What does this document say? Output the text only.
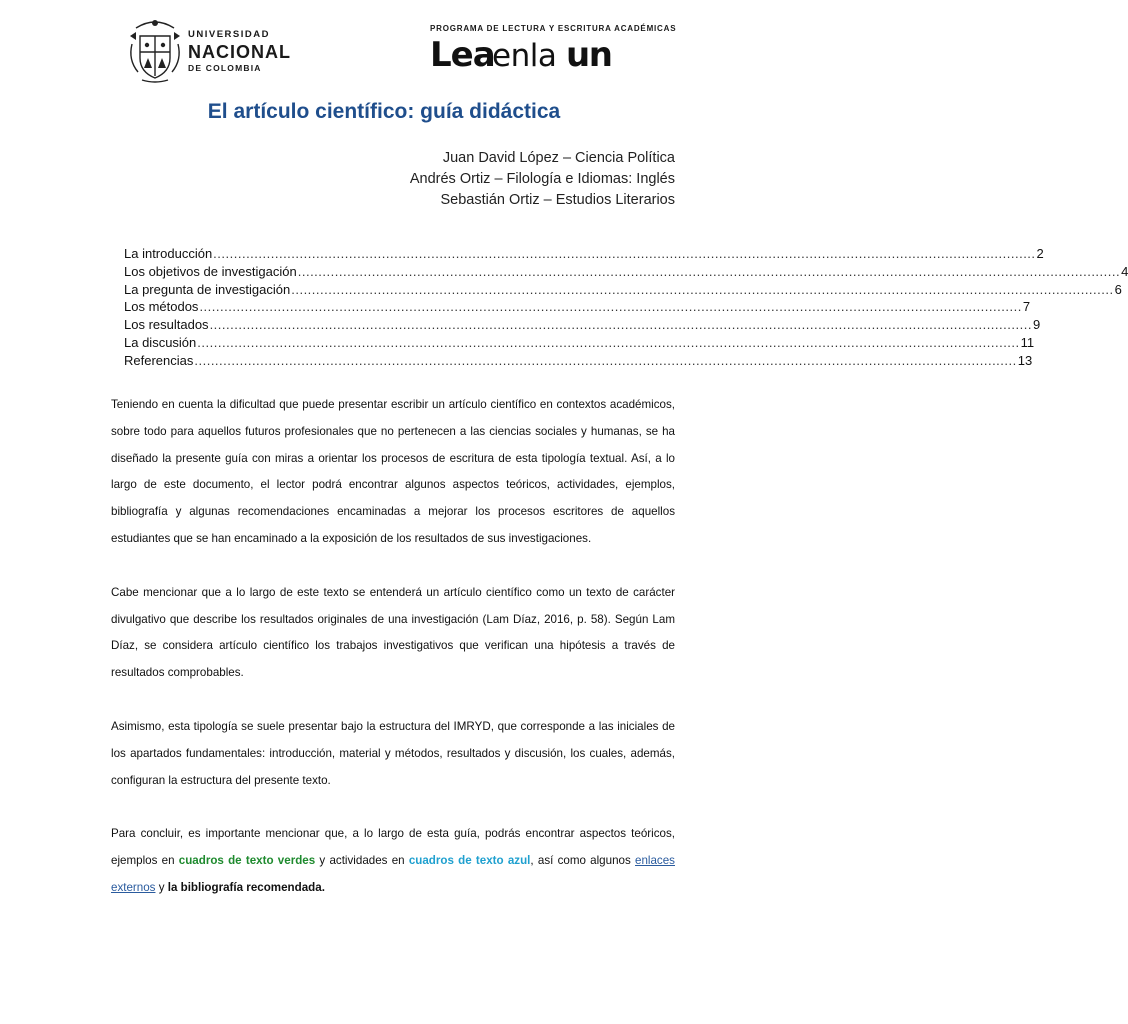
UNIVERSIDAD
NACIONAL
DE COLOMBIA
PROGRAMA DE LECTURA Y ESCRITURA ACADÉMICAS
Lea
enla un
El artículo científico: guía didáctica
Juan David López – Ciencia Política
Andrés Ortiz – Filología e Idiomas: Inglés
Sebastián Ortiz – Estudios Literarios
La introducción ........................................................................................................................................................................................................ 2
Los objetivos de investigación ........................................................................................................................................................................................................ 4
La pregunta de investigación ........................................................................................................................................................................................................ 6
Los métodos ........................................................................................................................................................................................................ 7
Los resultados ........................................................................................................................................................................................................ 9
La discusión ........................................................................................................................................................................................................ 11
Referencias ........................................................................................................................................................................................................ 13

Teniendo en cuenta la dificultad que puede presentar escribir un artículo científico en contextos académicos, sobre todo para aquellos futuros profesionales que no pertenecen a las ciencias sociales y humanas, se ha diseñado la presente guía con miras a orientar los procesos de escritura de esta tipología textual. Así, a lo largo de este documento, el lector podrá encontrar algunos aspectos teóricos, actividades, ejemplos, bibliografía y algunas recomendaciones encaminadas a mejorar los procesos escritores de aquellos estudiantes que se han encaminado a la exposición de los resultados de sus investigaciones.

Cabe mencionar que a lo largo de este texto se entenderá un artículo científico como un texto de carácter divulgativo que describe los resultados originales de una investigación (Lam Díaz, 2016, p. 58). Según Lam Díaz, se considera artículo científico los trabajos investigativos que verifican una hipótesis a través de resultados comprobables.

Asimismo, esta tipología se suele presentar bajo la estructura del IMRYD, que corresponde a las iniciales de los apartados fundamentales: introducción, material y métodos, resultados y discusión, los cuales, además, configuran la estructura del presente texto.

Para concluir, es importante mencionar que, a lo largo de esta guía, podrás encontrar aspectos teóricos, ejemplos en cuadros de texto verdes y actividades en cuadros de texto azul, así como algunos enlaces externos y la bibliografía recomendada.
